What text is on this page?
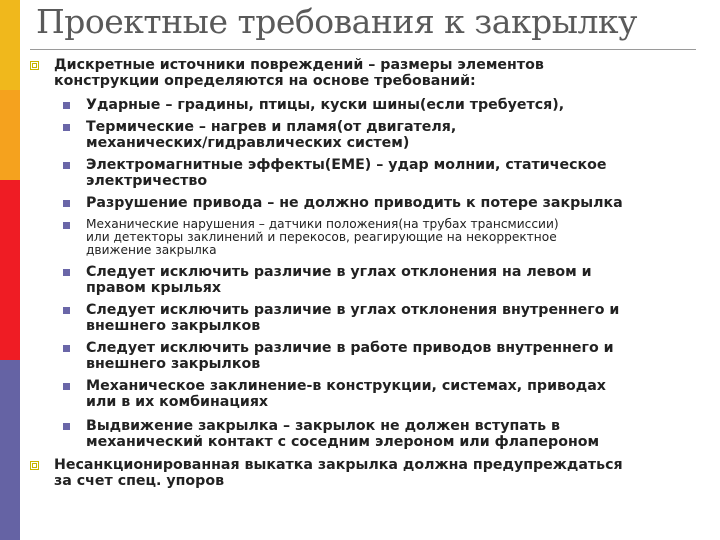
Проектные требования к закрылку
Дискретные источники повреждений – размеры элементов
конструкции определяются на основе требований:
Ударные – градины, птицы, куски шины(если требуется),
Термические – нагрев и пламя(от двигателя,
механических/гидравлических систем)
Электромагнитные эффекты(ЕМЕ) – удар молнии, статическое
электричество
Разрушение привода – не должно приводить к потере закрылка
Механические нарушения – датчики положения(на трубах трансмиссии)
или детекторы заклинений и перекосов, реагирующие на некорректное
движение закрылка
Следует исключить различие в углах отклонения на левом и
правом крыльях
Следует исключить различие в углах отклонения внутреннего и
внешнего закрылков
Следует исключить различие в работе приводов внутреннего и
внешнего закрылков
Механическое заклинение-в конструкции, системах, приводах
или в их комбинациях
Выдвижение закрылка – закрылок не должен вступать в
механический контакт с соседним элероном или флапероном
Несанкционированная выкатка закрылка должна предупреждаться
за счет спец. упоров
